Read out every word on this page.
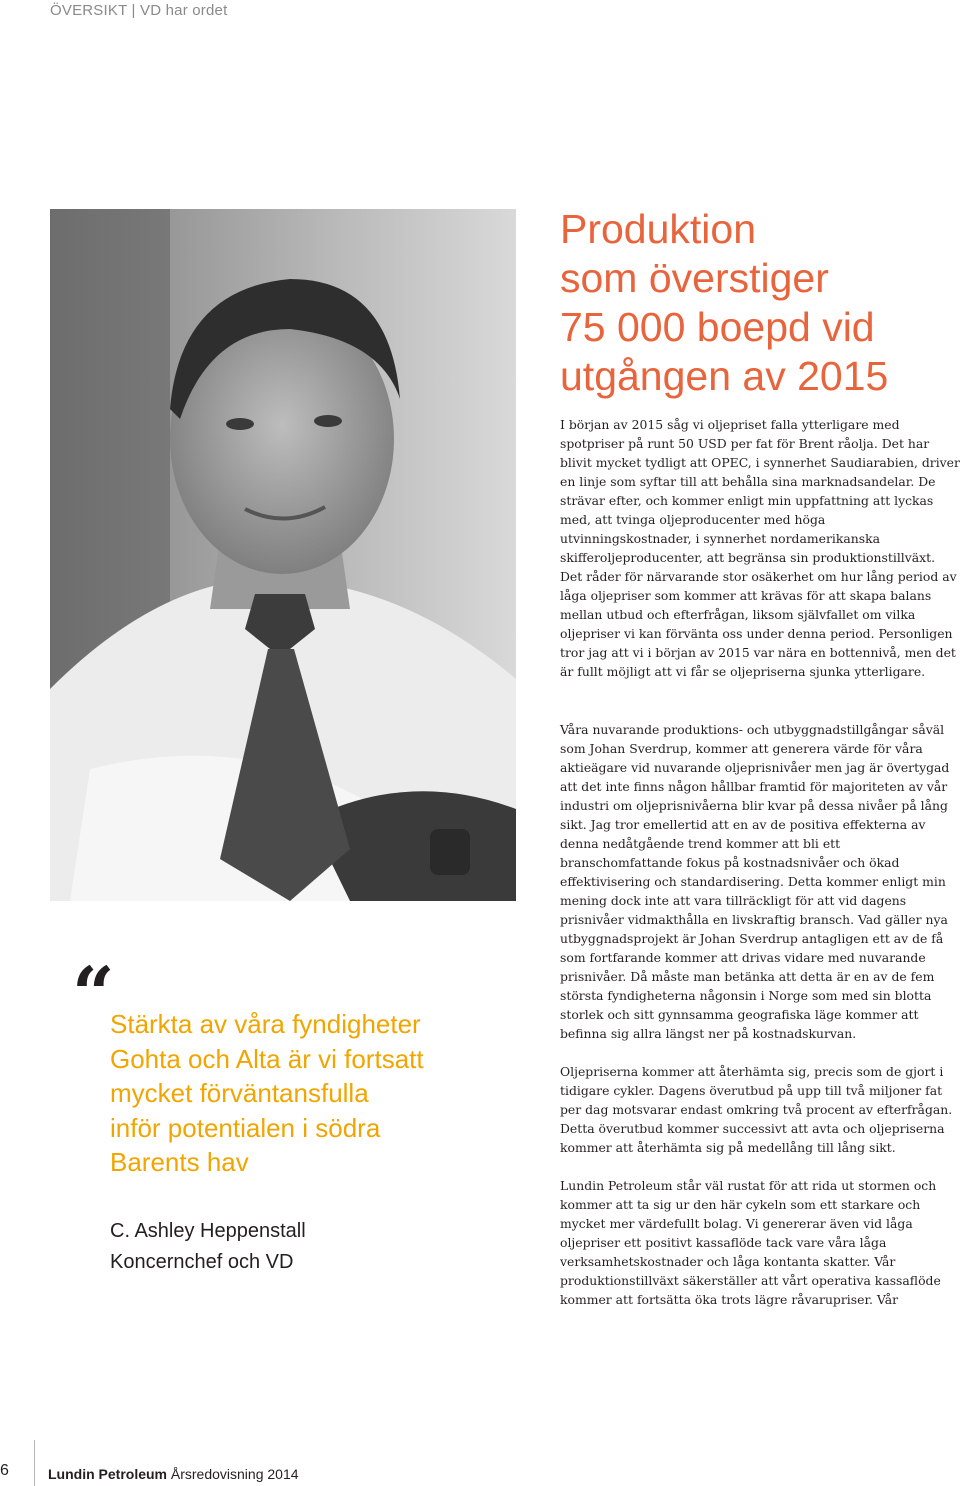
ÖVERSIKT | VD har ordet
Produktion
som överstiger
75 000 boepd vid
utgången av 2015

I början av 2015 såg vi oljepriset falla ytterligare med spotpriser på runt 50 USD per fat för Brent råolja. Det har blivit mycket tydligt att OPEC, i synnerhet Saudiarabien, driver en linje som syftar till att behålla sina marknadsandelar. De strävar efter, och kommer enligt min uppfattning att lyckas med, att tvinga oljeproducenter med höga utvinningskostnader, i synnerhet nordamerikanska skifferoljeproducenter, att begränsa sin produktionstillväxt. Det råder för närvarande stor osäkerhet om hur lång period av låga oljepriser som kommer att krävas för att skapa balans mellan utbud och efterfrågan, liksom självfallet om vilka oljepriser vi kan förvänta oss under denna period. Personligen tror jag att vi i början av 2015 var nära en bottennivå, men det är fullt möjligt att vi får se oljepriserna sjunka ytterligare.

Våra nuvarande produktions- och utbyggnadstillgångar såväl som Johan Sverdrup, kommer att generera värde för våra aktieägare vid nuvarande oljeprisnivåer men jag är övertygad att det inte finns någon hållbar framtid för majoriteten av vår industri om oljeprisnivåerna blir kvar på dessa nivåer på lång sikt. Jag tror emellertid att en av de positiva effekterna av denna nedåtgående trend kommer att bli ett branschomfattande fokus på kostnadsnivåer och ökad effektivisering och standardisering. Detta kommer enligt min mening dock inte att vara tillräckligt för att vid dagens prisnivåer vidmakthålla en livskraftig bransch. Vad gäller nya utbyggnadsprojekt är Johan Sverdrup antagligen ett av de få som fortfarande kommer att drivas vidare med nuvarande prisnivåer. Då måste man betänka att detta är en av de fem största fyndigheterna någonsin i Norge som med sin blotta storlek och sitt gynnsamma geografiska läge kommer att befinna sig allra längst ner på kostnadskurvan.

Oljepriserna kommer att återhämta sig, precis som de gjort i tidigare cykler. Dagens överutbud på upp till två miljoner fat per dag motsvarar endast omkring två procent av efterfrågan. Detta överutbud kommer successivt att avta och oljepriserna kommer att återhämta sig på medellång till lång sikt.

Lundin Petroleum står väl rustat för att rida ut stormen och kommer att ta sig ur den här cykeln som ett starkare och mycket mer värdefullt bolag. Vi genererar även vid låga oljepriser ett positivt kassaflöde tack vare våra låga verksamhetskostnader och låga kontanta skatter. Vår produktionstillväxt säkerställer att vårt operativa kassaflöde kommer att fortsätta öka trots lägre råvarupriser. Vår

“
Stärkta av våra fyndigheter
Gohta och Alta är vi fortsatt
mycket förväntansfulla
inför potentialen i södra
Barents hav
C. Ashley Heppenstall
Koncernchef och VD
6	Lundin Petroleum Årsredovisning 2014
